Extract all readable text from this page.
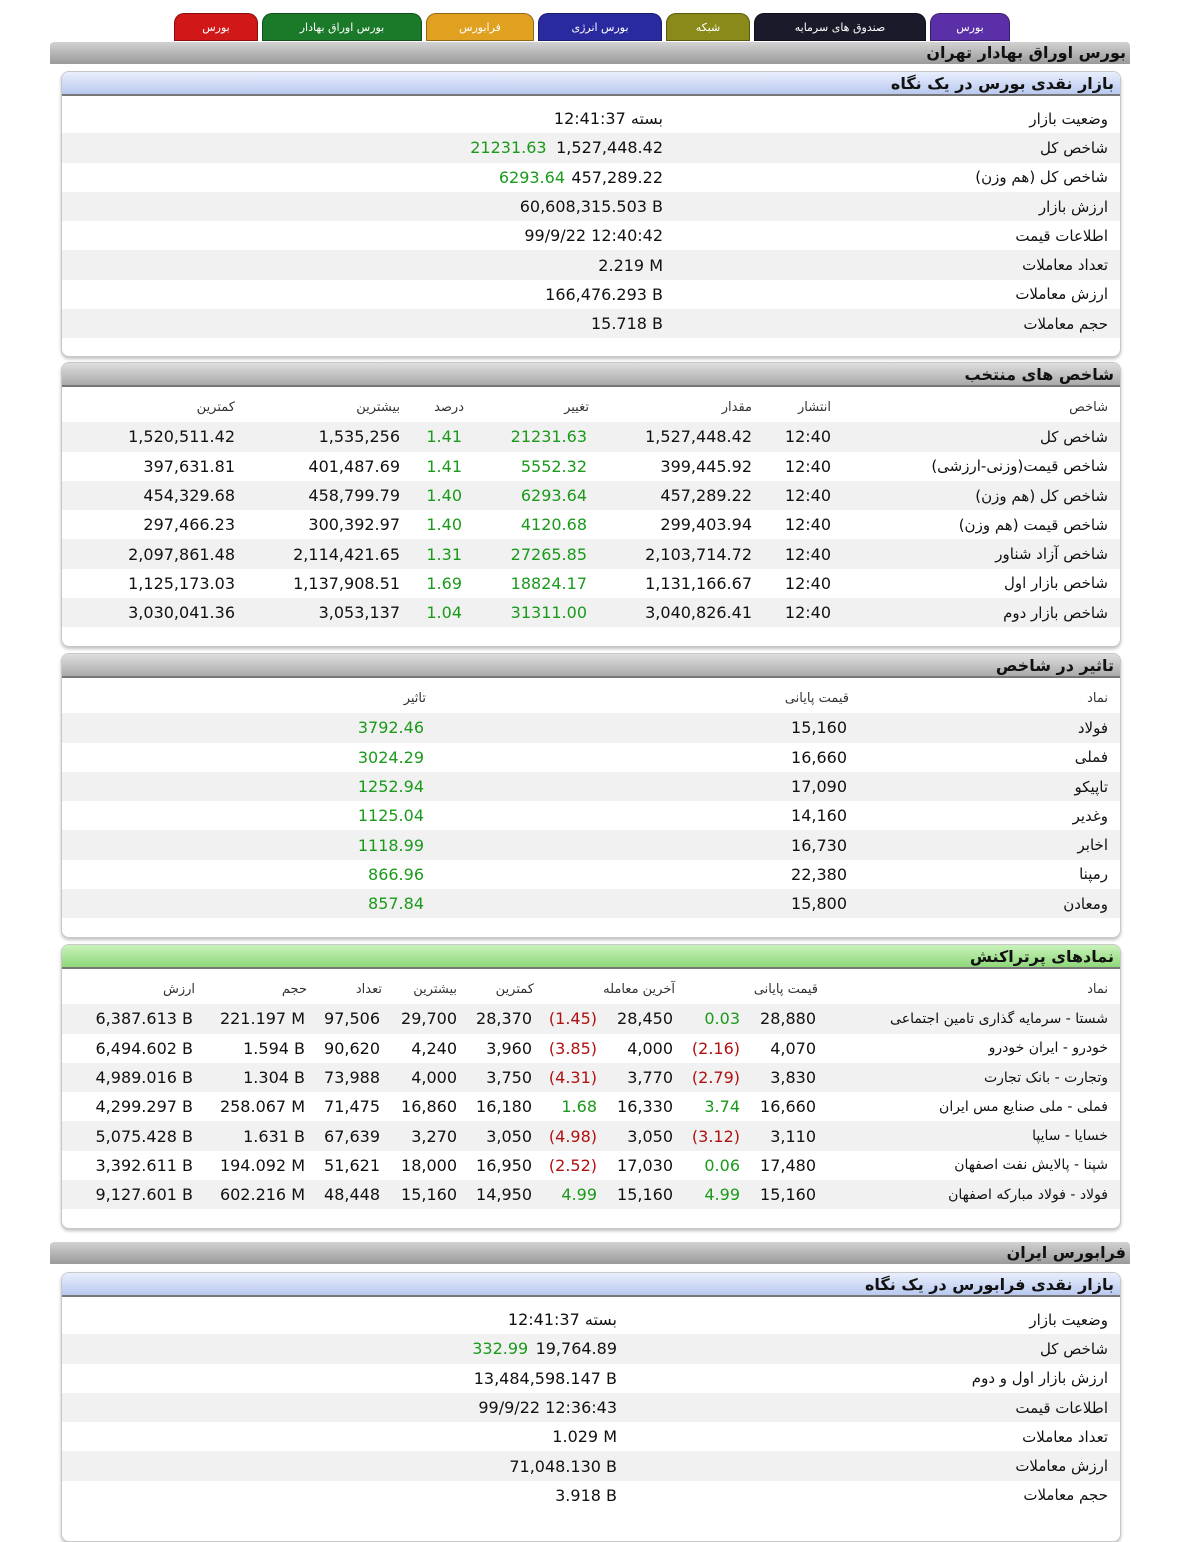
بورس
صندوق های سرمایه
شبکه
بورس انرژی
فرابورس
بورس اوراق بهادار
بورس
بورس اوراق بهادار تهران
بازار نقدی بورس در یک نگاه
وضعیت بازار
بسته 12:41:37
شاخص کل
1,527,448.42
21231.63
شاخص کل (هم وزن)
457,289.22
6293.64
ارزش بازار
60,608,315.503 B
اطلاعات قیمت
99/9/22 12:40:42
تعداد معاملات
2.219 M
ارزش معاملات
166,476.293 B
حجم معاملات
15.718 B
شاخص های منتخب
شاخص
انتشار
مقدار
تغییر
درصد
بیشترین
کمترین
شاخص کل
12:40
1,527,448.42
21231.63
1.41
1,535,256
1,520,511.42
شاخص قیمت(وزنی-ارزشی)
12:40
399,445.92
5552.32
1.41
401,487.69
397,631.81
شاخص کل (هم وزن)
12:40
457,289.22
6293.64
1.40
458,799.79
454,329.68
شاخص قیمت (هم وزن)
12:40
299,403.94
4120.68
1.40
300,392.97
297,466.23
شاخص آزاد شناور
12:40
2,103,714.72
27265.85
1.31
2,114,421.65
2,097,861.48
شاخص بازار اول
12:40
1,131,166.67
18824.17
1.69
1,137,908.51
1,125,173.03
شاخص بازار دوم
12:40
3,040,826.41
31311.00
1.04
3,053,137
3,030,041.36
تاثیر در شاخص
نماد
قیمت پایانی
تاثیر
فولاد
15,160
3792.46
فملی
16,660
3024.29
تاپیکو
17,090
1252.94
وغدیر
14,160
1125.04
اخابر
16,730
1118.99
رمپنا
22,380
866.96
ومعادن
15,800
857.84
نمادهای پرتراکنش
نماد
قیمت پایانی
آخرین معامله
کمترین
بیشترین
تعداد
حجم
ارزش
شستا - سرمایه گذاری تامین اجتماعی
28,880
0.03
28,450
(1.45)
28,370
29,700
97,506
221.197 M
6,387.613 B
خودرو - ایران خودرو
4,070
(2.16)
4,000
(3.85)
3,960
4,240
90,620
1.594 B
6,494.602 B
وتجارت - بانک تجارت
3,830
(2.79)
3,770
(4.31)
3,750
4,000
73,988
1.304 B
4,989.016 B
فملی - ملی صنایع مس ایران
16,660
3.74
16,330
1.68
16,180
16,860
71,475
258.067 M
4,299.297 B
خسایا - سایپا
3,110
(3.12)
3,050
(4.98)
3,050
3,270
67,639
1.631 B
5,075.428 B
شپنا - پالایش نفت اصفهان
17,480
0.06
17,030
(2.52)
16,950
18,000
51,621
194.092 M
3,392.611 B
فولاد - فولاد مبارکه اصفهان
15,160
4.99
15,160
4.99
14,950
15,160
48,448
602.216 M
9,127.601 B
فرابورس ایران
بازار نقدی فرابورس در یک نگاه
وضعیت بازار
بسته 12:41:37
شاخص کل
19,764.89
332.99
ارزش بازار اول و دوم
13,484,598.147 B
اطلاعات قیمت
99/9/22 12:36:43
تعداد معاملات
1.029 M
ارزش معاملات
71,048.130 B
حجم معاملات
3.918 B
